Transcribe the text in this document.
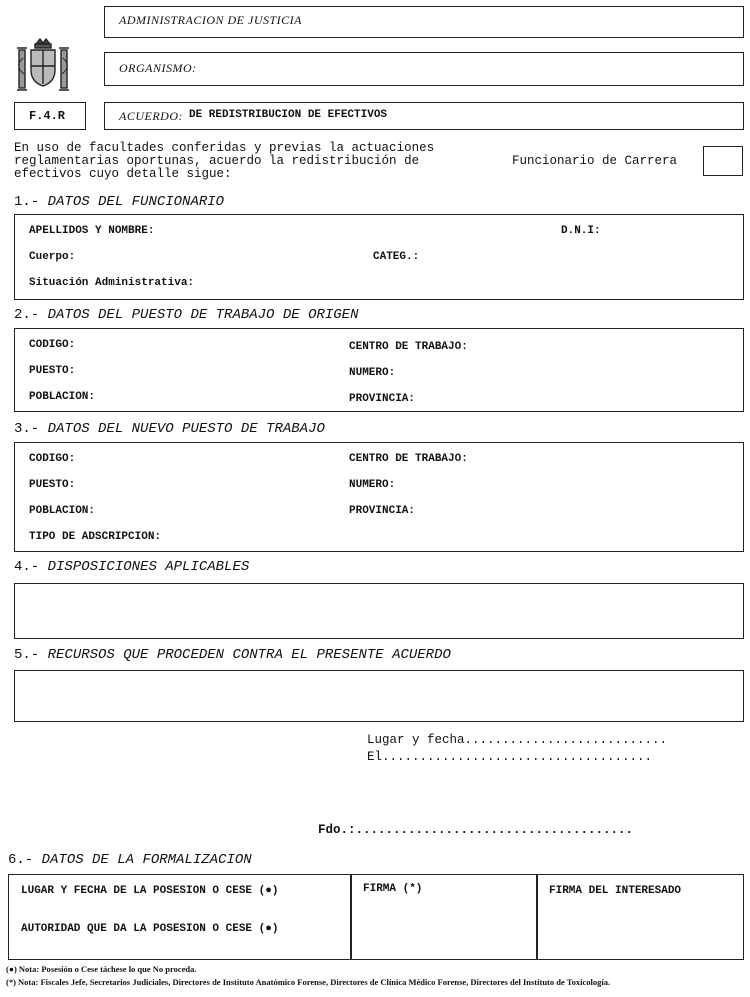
ADMINISTRACION DE JUSTICIA
ORGANISMO:
F.4.R	ACUERDO: DE REDISTRIBUCION DE EFECTIVOS
En uso de facultades conferidas y previas la actuaciones reglamentarias oportunas, acuerdo la redistribución de efectivos cuyo detalle sigue:
Funcionario de Carrera
1.- DATOS DEL FUNCIONARIO
APELLIDOS Y NOMBRE:	D.N.I:
Cuerpo:	CATEG.:
Situación Administrativa:
2.- DATOS DEL PUESTO DE TRABAJO DE ORIGEN
CODIGO:	CENTRO DE TRABAJO:
PUESTO:	NUMERO:
POBLACION:	PROVINCIA:
3.- DATOS DEL NUEVO PUESTO DE TRABAJO
CODIGO:	CENTRO DE TRABAJO:
PUESTO:	NUMERO:
POBLACION:	PROVINCIA:
TIPO DE ADSCRIPCION:
4.- DISPOSICIONES APLICABLES
5.- RECURSOS QUE PROCEDEN CONTRA EL PRESENTE ACUERDO
Lugar y fecha...........................
El....................................
Fdo.:.....................................
6.- DATOS DE LA FORMALIZACION
LUGAR Y FECHA DE LA POSESION O CESE (●)
AUTORIDAD QUE DA LA POSESION O CESE (●)
FIRMA (*)	FIRMA DEL INTERESADO
(●) Nota: Posesión o Cese táchese lo que No proceda.
(*) Nota: Fiscales Jefe, Secretarios Judiciales, Directores de Instituto Anatómico Forense, Directores de Clínica Médico Forense, Directores del Instituto de Toxicología.
